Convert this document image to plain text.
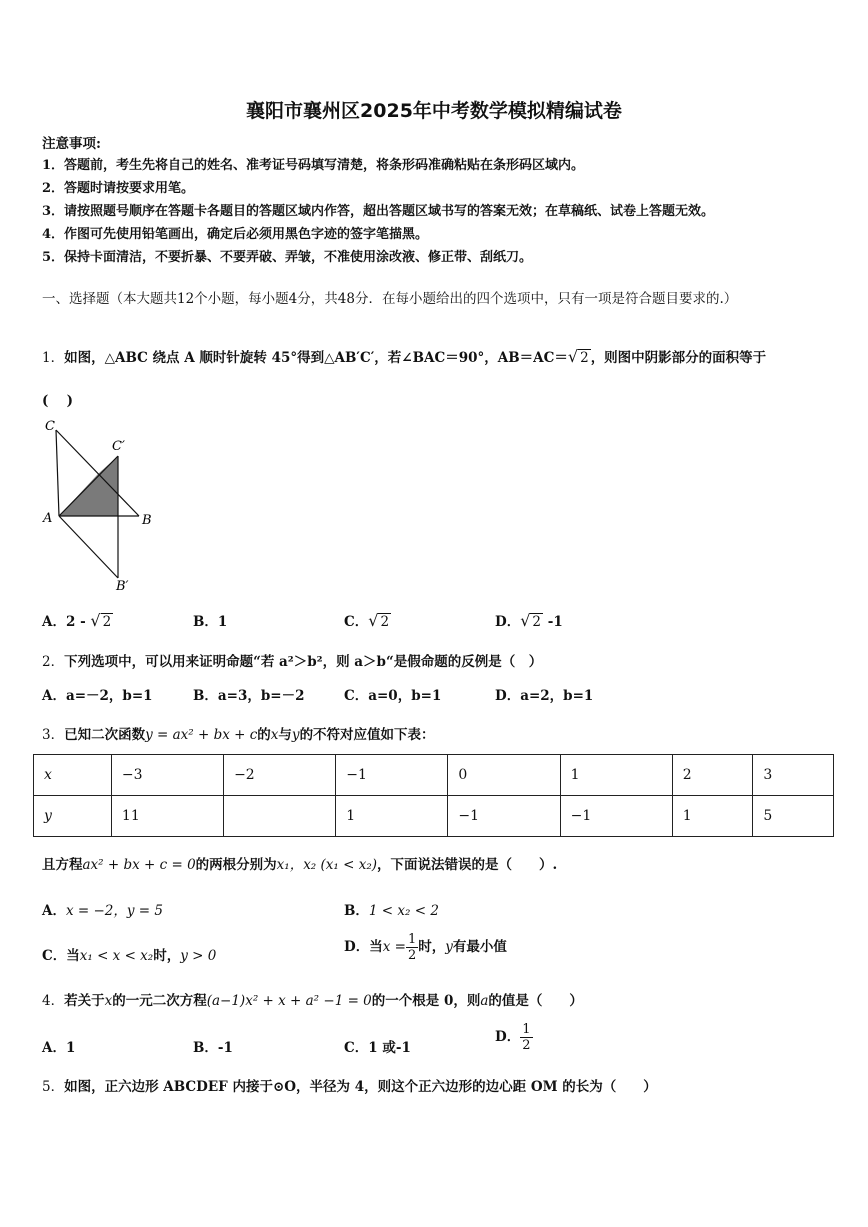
襄阳市襄州区2025年中考数学模拟精编试卷
注意事项:
1．答题前，考生先将自己的姓名、准考证号码填写清楚，将条形码准确粘贴在条形码区域内。
2．答题时请按要求用笔。
3．请按照题号顺序在答题卡各题目的答题区域内作答，超出答题区域书写的答案无效；在草稿纸、试卷上答题无效。
4．作图可先使用铅笔画出，确定后必须用黑色字迹的签字笔描黑。
5．保持卡面清洁，不要折暴、不要弄破、弄皱，不准使用涂改液、修正带、刮纸刀。
一、选择题（本大题共12个小题，每小题4分，共48分．在每小题给出的四个选项中，只有一项是符合题目要求的.）
1．如图，△ABC 绕点 A 顺时针旋转 45°得到△AB′C′，若∠BAC＝90°，AB＝AC＝√ 2 ，则图中阴影部分的面积等于
(　 )
C
C′
A	B
B′
A．2 - √ 2	B．1	C．√ 2	D．√ 2 -1
2．下列选项中，可以用来证明命题“若 a²＞b²，则 a＞b“是假命题的反例是（　）
A．a=－2，b=1	B．a=3，b=－2	C．a=0，b=1	D．a=2，b=1
3．已知二次函数y = ax² + bx + c的x与y的不符对应值如下表：
x	−3	−2	−1	0	1	2	3
y	11		1	−1	−1	1	5
且方程ax² + bx + c = 0的两根分别为x₁，x₂ (x₁ < x₂)，下面说法错误的是（　　）.
A．x = −2，y = 5	B．1 < x₂ < 2
C．当x₁ < x < x₂时，y > 0
D．当$x = \frac{1}{2}$ 时，y有最小值
4．若关于x的一元二次方程(a−1)x² + x + a² −1 = 0的一个根是 0，则a的值是（　　）
A．1	B．-1	C．1 或-1
D． $\frac{1}{2}$
5．如图，正六边形 ABCDEF 内接于⊙O，半径为 4，则这个正六边形的边心距 OM 的长为（　　）
